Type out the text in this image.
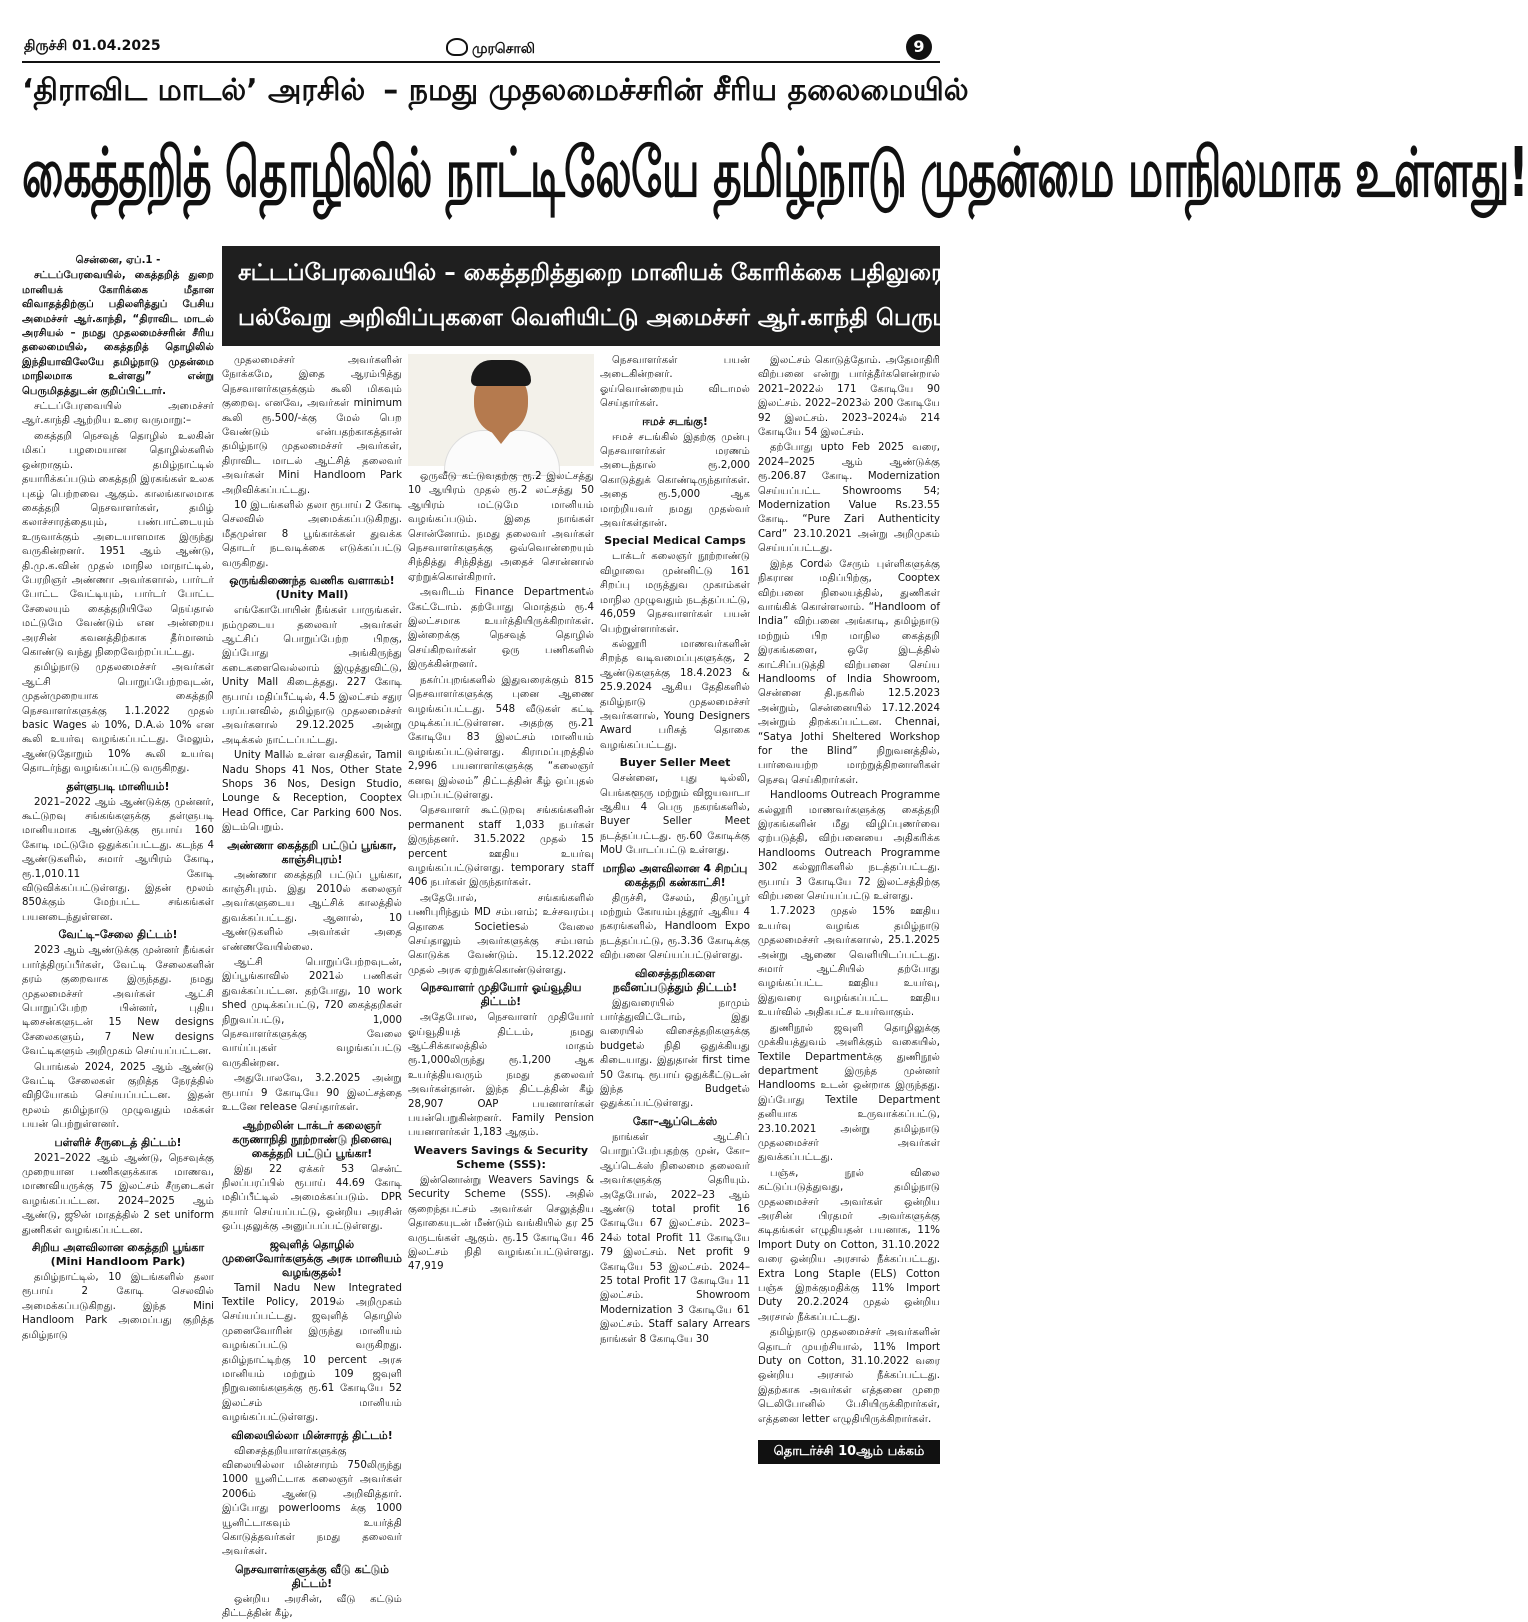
திருச்சி 01.04.2025	முரசொலி	9
‘திராவிட மாடல்’ அரசில் – நமது முதலமைச்சரின் சீரிய தலைமையில்
கைத்தறித் தொழிலில் நாட்டிலேயே தமிழ்நாடு முதன்மை மாநிலமாக உள்ளது!
சட்டப்பேரவையில் – கைத்தறித்துறை மானியக் கோரிக்கை பதிலுரையில்–
பல்வேறு அறிவிப்புகளை வெளியிட்டு அமைச்சர் ஆர்.காந்தி பெருமிதம்!

சென்னை, ஏப்.1 -

சட்டப்பேரவையில், கைத்தறித் துறை மானியக் கோரிக்கை மீதான விவாதத்திற்குப் பதிலளித்துப் பேசிய அமைச்சர் ஆர்.காந்தி, “திராவிட மாடல் அரசியல் – நமது முதலமைச்சரின் சீரிய தலைமையில், கைத்தறித் தொழிலில் இந்தியாவிலேயே தமிழ்நாடு முதன்மை மாநிலமாக உள்ளது” என்று பெருமிதத்துடன் குறிப்பிட்டார்.

சட்டப்பேரவையில் அமைச்சர் ஆர்.காந்தி ஆற்றிய உரை வருமாறு:–

கைத்தறி நெசவுத் தொழில் உலகின் மிகப் பழமையான தொழில்களில் ஒன்றாகும். தமிழ்நாட்டில் தயாரிக்கப்படும் கைத்தறி இரகங்கள் உலக புகழ் பெற்றவை ஆகும். காலங்காலமாக கைத்தறி நெசவாளர்கள், தமிழ் கலாச்சாரத்தையும், பண்பாட்டையும் உருவாக்கும் அடையாளமாக இருந்து வருகின்றனர். 1951 ஆம் ஆண்டு, தி.மு.க.வின் முதல் மாநில மாநாட்டில், பேரறிஞர் அண்ணா அவர்களால், பார்டர் போட்ட வேட்டியும், பார்டர் போட்ட சேலையும் கைத்தறியிலே நெய்தால் மட்டுமே வேண்டும் என அன்றைய அரசின் கவனத்திற்காக தீர்மானம் கொண்டு வந்து நிறைவேற்றப்பட்டது.

தமிழ்நாடு முதலமைச்சர் அவர்கள் ஆட்சி பொறுப்பேற்றவுடன், முதன்முறையாக கைத்தறி நெசவாளர்களுக்கு 1.1.2022 முதல் basic Wages ல் 10%, D.A.ல் 10% என கூலி உயர்வு வழங்கப்பட்டது. மேலும், ஆண்டுதோறும் 10% கூலி உயர்வு தொடர்ந்து வழங்கப்பட்டு வருகிறது.

தள்ளுபடி மானியம்!

2021–2022 ஆம் ஆண்டுக்கு முன்னர், கூட்டுறவு சங்கங்களுக்கு தள்ளுபடி மானியமாக ஆண்டுக்கு ரூபாய் 160 கோடி மட்டுமே ஒதுக்கப்பட்டது. கடந்த 4 ஆண்டுகளில், சுமார் ஆயிரம் கோடி, ரூ.1,010.11 கோடி விடுவிக்கப்பட்டுள்ளது. இதன் மூலம் 850க்கும் மேற்பட்ட சங்கங்கள் பயனடைந்துள்ளன.

வேட்டி–சேலை திட்டம்!

2023 ஆம் ஆண்டுக்கு முன்னர் நீங்கள் பார்த்திருப்பீர்கள், வேட்டி சேலைகளின் தரம் குறைவாக இருந்தது. நமது முதலமைச்சர் அவர்கள் ஆட்சி பொறுப்பேற்ற பின்னர், புதிய டிசைன்களுடன் 15 New designs சேலைகளும், 7 New designs வேட்டிகளும் அறிமுகம் செய்யப்பட்டன.

பொங்கல் 2024, 2025 ஆம் ஆண்டு வேட்டி சேலைகள் குறித்த நேரத்தில் விநியோகம் செய்யப்பட்டன. இதன் மூலம் தமிழ்நாடு முழுவதும் மக்கள் பயன் பெற்றுள்ளனர்.

பள்ளிச் சீருடைத் திட்டம்!

2021–2022 ஆம் ஆண்டு, நெசவுக்கு முறையான பணிகளுக்காக மாணவ, மாணவியருக்கு 75 இலட்சம் சீருடைகள் வழங்கப்பட்டன. 2024–2025 ஆம் ஆண்டு, ஜூன் மாதத்தில் 2 set uniform துணிகள் வழங்கப்பட்டன.

சிறிய அளவிலான கைத்தறி பூங்கா (Mini Handloom Park)

தமிழ்நாட்டில், 10 இடங்களில் தலா ரூபாய் 2 கோடி செலவில் அமைக்கப்படுகிறது. இந்த Mini Handloom Park அமைப்பது குறித்த தமிழ்நாடு

முதலமைச்சர் அவர்களின் நோக்கமே, இதை ஆரம்பித்து நெசவாளர்களுக்கும் கூலி மிகவும் குறைவு. எனவே, அவர்கள் minimum கூலி ரூ.500/-க்கு மேல் பெற வேண்டும் என்பதற்காகத்தான் தமிழ்நாடு முதலமைச்சர் அவர்கள், திராவிட மாடல் ஆட்சித் தலைவர் அவர்கள் Mini Handloom Park அறிவிக்கப்பட்டது.

10 இடங்களில் தலா ரூபாய் 2 கோடி செலவில் அமைக்கப்படுகிறது. மீதமுள்ள 8 பூங்காக்கள் துவக்க தொடர் நடவடிக்கை எடுக்கப்பட்டு வருகிறது.

ஒருங்கிணைந்த வணிக வளாகம்! (Unity Mall)

எங்கோபோயின் நீங்கள் பாருங்கள். நம்முடைய தலைவர் அவர்கள் ஆட்சிப் பொறுப்பேற்ற பிறகு, இப்போது அங்கிருந்து கடைகளைவெல்லாம் இழுத்துவிட்டு, Unity Mall கிடைத்தது. 227 கோடி ரூபாய் மதிப்பீட்டில், 4.5 இலட்சம் சதுர பரப்பளவில், தமிழ்நாடு முதலமைச்சர் அவர்களால் 29.12.2025 அன்று அடிக்கல் நாட்டப்பட்டது.

Unity Mallல் உள்ள வசதிகள், Tamil Nadu Shops 41 Nos, Other State Shops 36 Nos, Design Studio, Lounge & Reception, Cooptex Head Office, Car Parking 600 Nos. இடம்பெறும்.

அண்ணா கைத்தறி பட்டுப் பூங்கா, காஞ்சிபுரம்!

அண்ணா கைத்தறி பட்டுப் பூங்கா, காஞ்சிபுரம். இது 2010ல் கலைஞர் அவர்களுடைய ஆட்சிக் காலத்தில் துவக்கப்பட்டது. ஆனால், 10 ஆண்டுகளில் அவர்கள் அதை எண்ணவேயில்லை.

ஆட்சி பொறுப்பேற்றவுடன், இப்பூங்காவில் 2021ல் பணிகள் துவக்கப்பட்டன. தற்போது, 10 work shed முடிக்கப்பட்டு, 720 கைத்தறிகள் நிறுவப்பட்டு, 1,000 நெசவாளர்களுக்கு வேலை வாய்ப்புகள் வழங்கப்பட்டு வருகின்றன.

அதுபோலவே, 3.2.2025 அன்று ரூபாய் 9 கோடியே 90 இலட்சத்தை உடனே release செய்தார்கள்.

ஆற்றலின் டாக்டர் கலைஞர் கருணாநிதி நூற்றாண்டு நினைவு கைத்தறி பட்டுப் பூங்கா!

இது 22 ஏக்கர் 53 சென்ட் நிலப்பரப்பில் ரூபாய் 44.69 கோடி மதிப்பீட்டில் அமைக்கப்படும். DPR தயார் செய்யப்பட்டு, ஒன்றிய அரசின் ஒப்புதலுக்கு அனுப்பப்பட்டுள்ளது.

ஜவுளித் தொழில் முனைவோர்களுக்கு அரசு மானியம் வழங்குதல்!

Tamil Nadu New Integrated Textile Policy, 2019ல் அறிமுகம் செய்யப்பட்டது. ஜவுளித் தொழில் முனைவோரின் இருந்து மானியம் வழங்கப்பட்டு வருகிறது. தமிழ்நாட்டிற்கு 10 percent அரசு மானியம் மற்றும் 109 ஜவுளி நிறுவனங்களுக்கு ரூ.61 கோடியே 52 இலட்சம் மானியம் வழங்கப்பட்டுள்ளது.

விலையில்லா மின்சாரத் திட்டம்!

விசைத்தறியாளர்களுக்கு விலையில்லா மின்சாரம் 750லிருந்து 1000 யூனிட்டாக கலைஞர் அவர்கள் 2006ம் ஆண்டு அறிவித்தார். இப்போது powerlooms க்கு 1000 யூனிட்டாகவும் உயர்த்தி கொடுத்தவர்கள் நமது தலைவர் அவர்கள்.

நெசவாளர்களுக்கு வீடு கட்டும் திட்டம்!

ஒன்றிய அரசின், வீடு கட்டும் திட்டத்தின் கீழ்,

ஒருவீடு கட்டுவதற்கு ரூ.2 இலட்சத்து 10 ஆயிரம் முதல் ரூ.2 லட்சத்து 50 ஆயிரம் மட்டுமே மானியம் வழங்கப்படும். இதை நாங்கள் சொன்னோம். நமது தலைவர் அவர்கள் நெசவாளர்களுக்கு ஒவ்வொன்றையும் சிந்தித்து சிந்தித்து அதைச் சொன்னால் ஏற்றுக்கொள்கிறார்.

அவரிடம் Finance Departmentல் கேட்டோம். தற்போது மொத்தம் ரூ.4 இலட்சமாக உயர்த்தியிருக்கிறார்கள். இன்றைக்கு நெசவுத் தொழில் செய்கிறவர்கள் ஒரு பணிகளில் இருக்கின்றனர்.

நகர்ப்புறங்களில் இதுவரைக்கும் 815 நெசவாளர்களுக்கு புனை ஆணை வழங்கப்பட்டது. 548 வீடுகள் கட்டி முடிக்கப்பட்டுள்ளன. அதற்கு ரூ.21 கோடியே 83 இலட்சம் மானியம் வழங்கப்பட்டுள்ளது. கிராமப்புறத்தில் 2,996 பயனாளர்களுக்கு “கலைஞர் கனவு இல்லம்” திட்டத்தின் கீழ் ஒப்புதல் பெறப்பட்டுள்ளது.

நெசவாளர் கூட்டுறவு சங்கங்களின் permanent staff 1,033 நபர்கள் இருந்தனர். 31.5.2022 முதல் 15 percent ஊதிய உயர்வு வழங்கப்பட்டுள்ளது. temporary staff 406 நபர்கள் இருந்தார்கள்.

அதேபோல், சங்கங்களில் பணிபுரிந்தும் MD சம்பளம்; உச்சவரம்பு தொகை Societiesல் வேலை செய்தாலும் அவர்களுக்கு சம்பளம் கொடுக்க வேண்டும். 15.12.2022 முதல் அரசு ஏற்றுக்கொண்டுள்ளது.

நெசவாளர் முதியோர் ஓய்வூதிய திட்டம்!

அதேபோல, நெசவாளர் முதியோர் ஓய்வூதியத் திட்டம், நமது ஆட்சிக்காலத்தில் மாதம் ரூ.1,000லிருந்து ரூ.1,200 ஆக உயர்த்தியவரும் நமது தலைவர் அவர்கள்தான். இந்த திட்டத்தின் கீழ் 28,907 OAP பயனாளர்கள் பயன்பெறுகின்றனர். Family Pension பயனாளர்கள் 1,183 ஆகும்.

Weavers Savings & Security Scheme (SSS):

இன்னொன்று Weavers Savings & Security Scheme (SSS). அதில் குறைந்தபட்சம் அவர்கள் செலுத்திய தொகையுடன் மீண்டும் வங்கியில் தர 25 வருடங்கள் ஆகும். ரூ.15 கோடியே 46 இலட்சம் நிதி வழங்கப்பட்டுள்ளது. 47,919

நெசவாளர்கள் பயன் அடைகின்றனர். ஓய்வொன்றையும் விடாமல் செய்தார்கள்.

ஈமச் சடங்கு!

ஈமச் சடங்கில் இதற்கு முன்பு நெசவாளர்கள் மரணம் அடைந்தால் ரூ.2,000 கொடுத்துக் கொண்டிருந்தார்கள். அதை ரூ.5,000 ஆக மாற்றியவர் நமது முதல்வர் அவர்கள்தான்.

Special Medical Camps

டாக்டர் கலைஞர் நூற்றாண்டு விழாவை முன்னிட்டு 161 சிறப்பு மருத்துவ முகாம்கள் மாநில முழுவதும் நடத்தப்பட்டு, 46,059 நெசவாளர்கள் பயன் பெற்றுள்ளார்கள்.

கல்லூரி மாணவர்களின் சிறந்த வடிவமைப்புகளுக்கு, 2 ஆண்டுகளுக்கு 18.4.2023 & 25.9.2024 ஆகிய தேதிகளில் தமிழ்நாடு முதலமைச்சர் அவர்களால், Young Designers Award பரிசுத் தொகை வழங்கப்பட்டது.

Buyer Seller Meet

சென்னை, புது டில்லி, பெங்களூரு மற்றும் விஜயவாடா ஆகிய 4 பெரு நகரங்களில், Buyer Seller Meet நடத்தப்பட்டது. ரூ.60 கோடிக்கு MoU போடப்பட்டு உள்ளது.

மாநில அளவிலான 4 சிறப்பு கைத்தறி கண்காட்சி!

திருச்சி, சேலம், திருப்பூர் மற்றும் கோயம்புத்தூர் ஆகிய 4 நகரங்களில், Handloom Expo நடத்தப்பட்டு, ரூ.3.36 கோடிக்கு விற்பனை செய்யப்பட்டுள்ளது.

விசைத்தறிகளை நவீனப்படுத்தும் திட்டம்!

இதுவரையில் நாமும் பார்த்துவிட்டோம், இது வரையில் விசைத்தறிகளுக்கு budgetல் நிதி ஒதுக்கியது கிடையாது. இதுதான் first time 50 கோடி ரூபாய் ஒதுக்கீட்டுடன் இந்த Budgetல் ஒதுக்கப்பட்டுள்ளது.

கோ–ஆப்டெக்ஸ்

நாங்கள் ஆட்சிப் பொறுப்பேற்பதற்கு முன், கோ–ஆப்டெக்ஸ் நிலைமை தலைவர் அவர்களுக்கு தெரியும். அதேபோல், 2022–23 ஆம் ஆண்டு total profit 16 கோடியே 67 இலட்சம். 2023–24ல் total Profit 11 கோடியே 79 இலட்சம். Net profit 9 கோடியே 53 இலட்சம். 2024–25 total Profit 17 கோடியே 11 இலட்சம். Showroom Modernization 3 கோடியே 61 இலட்சம். Staff salary Arrears நாங்கள் 8 கோடியே 30

இலட்சம் கொடுத்தோம். அதேமாதிரி விற்பனை என்று பார்த்தீர்களென்றால் 2021–2022ல் 171 கோடியே 90 இலட்சம். 2022–2023ல் 200 கோடியே 92 இலட்சம். 2023–2024ல் 214 கோடியே 54 இலட்சம்.

தற்போது upto Feb 2025 வரை, 2024–2025 ஆம் ஆண்டுக்கு ரூ.206.87 கோடி. Modernization செய்யப்பட்ட Showrooms 54; Modernization Value Rs.23.55 கோடி. “Pure Zari Authenticity Card” 23.10.2021 அன்று அறிமுகம் செய்யப்பட்டது.

இந்த Cordல் சேரும் புள்ளிகளுக்கு நிகரான மதிப்பிற்கு, Cooptex விற்பனை நிலையத்தில், துணிகள் வாங்கிக் கொள்ளலாம். “Handloom of India” விற்பனை அங்காடி, தமிழ்நாடு மற்றும் பிற மாநில கைத்தறி இரகங்களை, ஒரே இடத்தில் காட்சிப்படுத்தி விற்பனை செய்ய Handlooms of India Showroom, சென்னை தி.நகரில் 12.5.2023 அன்றும், சென்னையில் 17.12.2024 அன்றும் திறக்கப்பட்டன. Chennai, “Satya Jothi Sheltered Workshop for the Blind” நிறுவனத்தில், பார்வையற்ற மாற்றுத்திறனாளிகள் நெசவு செய்கிறார்கள்.

Handlooms Outreach Programme கல்லூரி மாணவர்களுக்கு கைத்தறி இரகங்களின் மீது விழிப்புணர்வை ஏற்படுத்தி, விற்பனையை அதிகரிக்க Handlooms Outreach Programme 302 கல்லூரிகளில் நடத்தப்பட்டது. ரூபாய் 3 கோடியே 72 இலட்சத்திற்கு விற்பனை செய்யப்பட்டு உள்ளது.

1.7.2023 முதல் 15% ஊதிய உயர்வு வழங்க தமிழ்நாடு முதலமைச்சர் அவர்களால், 25.1.2025 அன்று ஆணை வெளியிடப்பட்டது. சுமார் ஆட்சியில் தற்போது வழங்கப்பட்ட ஊதிய உயர்வு, இதுவரை வழங்கப்பட்ட ஊதிய உயர்வில் அதிகபட்ச உயர்வாகும்.

துணிநூல் ஜவுளி தொழிலுக்கு முக்கியத்துவம் அளிக்கும் வகையில், Textile Departmentக்கு துணிநூல் department இருந்த முன்னர் Handlooms உடன் ஒன்றாக இருந்தது. இப்போது Textile Department தனியாக உருவாக்கப்பட்டு, 23.10.2021 அன்று தமிழ்நாடு முதலமைச்சர் அவர்கள் துவக்கப்பட்டது.

பஞ்சு, நூல் விலை கட்டுப்படுத்துவது, தமிழ்நாடு முதலமைச்சர் அவர்கள் ஒன்றிய அரசின் பிரதமர் அவர்களுக்கு கடிதங்கள் எழுதியதன் பயனாக, 11% Import Duty on Cotton, 31.10.2022 வரை ஒன்றிய அரசால் நீக்கப்பட்டது. Extra Long Staple (ELS) Cotton பஞ்சு இறக்குமதிக்கு 11% Import Duty 20.2.2024 முதல் ஒன்றிய அரசால் நீக்கப்பட்டது.

தமிழ்நாடு முதலமைச்சர் அவர்களின் தொடர் முயற்சியால், 11% Import Duty on Cotton, 31.10.2022 வரை ஒன்றிய அரசால் நீக்கப்பட்டது. இதற்காக அவர்கள் எத்தனை முறை டெலிபோனில் பேசியிருக்கிறார்கள், எத்தனை letter எழுதியிருக்கிறார்கள்.

தொடர்ச்சி 10ஆம் பக்கம்
